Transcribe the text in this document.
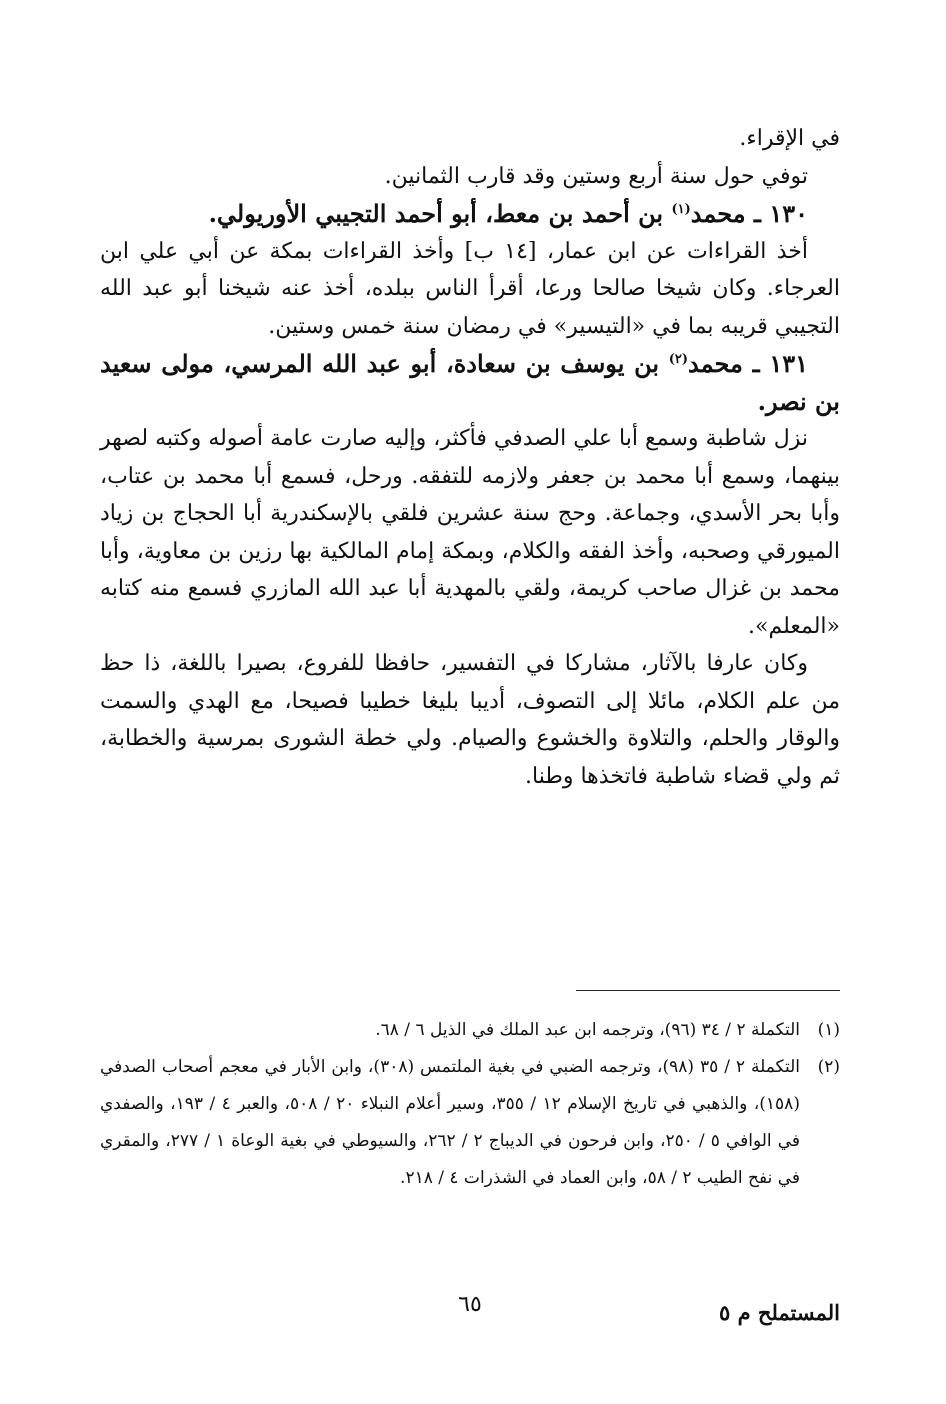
في الإقراء.

توفي حول سنة أربع وستين وقد قارب الثمانين.

١٣٠ ـ محمد$^{(١)}$ بن أحمد بن معط، أبو أحمد التجيبي الأوريولي.

أخذ القراءات عن ابن عمار، [١٤ ب] وأخذ القراءات بمكة عن أبي علي ابن العرجاء. وكان شيخا صالحا ورعا، أقرأ الناس ببلده، أخذ عنه شيخنا أبو عبد الله التجيبي قريبه بما في «التيسير» في رمضان سنة خمس وستين.

١٣١ ـ محمد$^{(٢)}$ بن يوسف بن سعادة، أبو عبد الله المرسي، مولى سعيد بن نصر.

نزل شاطبة وسمع أبا علي الصدفي فأكثر، وإليه صارت عامة أصوله وكتبه لصهر بينهما، وسمع أبا محمد بن جعفر ولازمه للتفقه. ورحل، فسمع أبا محمد بن عتاب، وأبا بحر الأسدي، وجماعة. وحج سنة عشرين فلقي بالإسكندرية أبا الحجاج بن زياد الميورقي وصحبه، وأخذ الفقه والكلام، وبمكة إمام المالكية بها رزين بن معاوية، وأبا محمد بن غزال صاحب كريمة، ولقي بالمهدية أبا عبد الله المازري فسمع منه كتابه «المعلم».

وكان عارفا بالآثار، مشاركا في التفسير، حافظا للفروع، بصيرا باللغة، ذا حظ من علم الكلام، مائلا إلى التصوف، أديبا بليغا خطيبا فصيحا، مع الهدي والسمت والوقار والحلم، والتلاوة والخشوع والصيام. ولي خطة الشورى بمرسية والخطابة، ثم ولي قضاء شاطبة فاتخذها وطنا.

(١)
التكملة ٢ / ٣٤ (٩٦)، وترجمه ابن عبد الملك في الذيل ٦ / ٦٨.
(٢)
التكملة ٢ / ٣٥ (٩٨)، وترجمه الضبي في بغية الملتمس (٣٠٨)، وابن الأبار في معجم أصحاب الصدفي (١٥٨)، والذهبي في تاريخ الإسلام ١٢ / ٣٥٥، وسير أعلام النبلاء ٢٠ / ٥٠٨، والعبر ٤ / ١٩٣، والصفدي في الوافي ٥ / ٢٥٠، وابن فرحون في الديباج ٢ / ٢٦٢، والسيوطي في بغية الوعاة ١ / ٢٧٧، والمقري في نفح الطيب ٢ / ٥٨، وابن العماد في الشذرات ٤ / ٢١٨.
٦٥	المستملح م ٥
